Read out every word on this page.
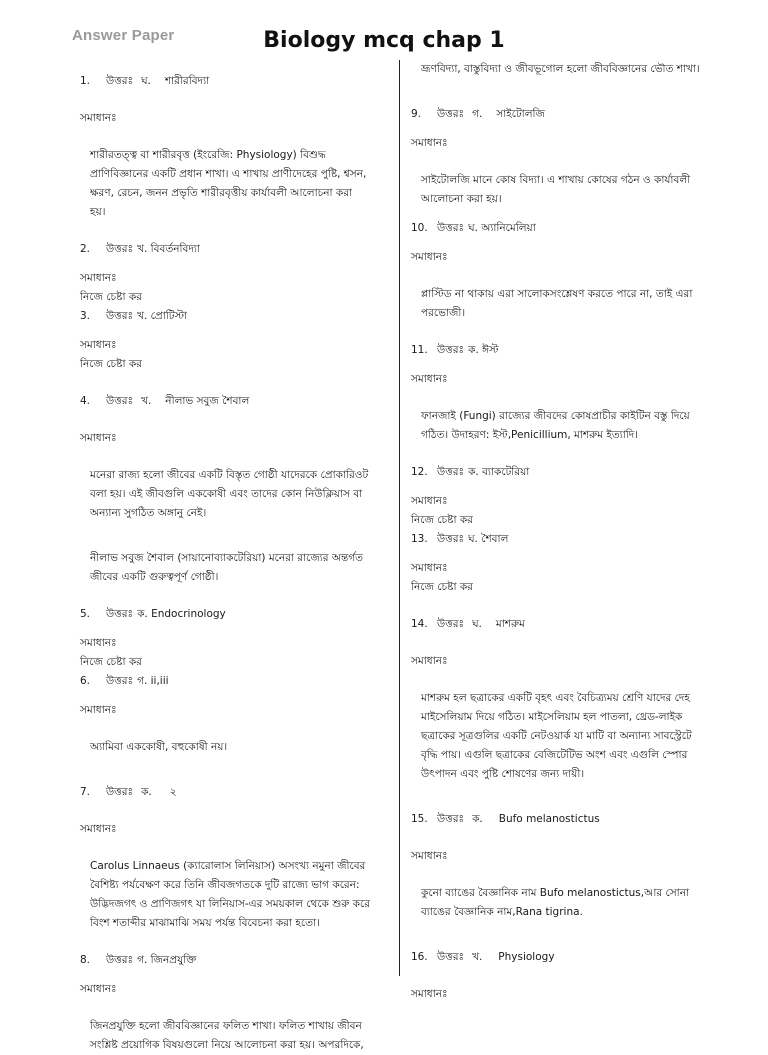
Answer Paper	Biology mcq chap 1
1.	উত্তরঃ ঘ. শারীরবিদ্যা
সমাধানঃ
শারীরতত্ত্ব বা শারীরবৃত্ত (ইংরেজি: Physiology) বিশুদ্ধ
প্রাণিবিজ্ঞানের একটি প্রধান শাখা। এ শাখায় প্রাণীদেহের পুষ্টি, শ্বসন,
ক্ষরণ, রেচন, জনন প্রভৃতি শারীরবৃত্তীয় কার্যাবলী আলোচনা করা
হয়।
2.	উত্তরঃ খ. বিবর্তনবিদ্যা
সমাধানঃ
নিজে চেষ্টা কর
3.	উত্তরঃ খ. প্রোটিস্টা
সমাধানঃ
নিজে চেষ্টা কর
4.	উত্তরঃ খ. নীলাভ সবুজ শৈবাল
সমাধানঃ
মনেরা রাজ্য হলো জীবের একটি বিস্তৃত গোষ্ঠী যাদেরকে প্রোকারিওট
বলা হয়। এই জীবগুলি এককোষী এবং তাদের কোন নিউক্লিয়াস বা
অন্যান্য সুগঠিত অঙ্গানু নেই।
নীলাভ সবুজ শৈবাল (সায়ানোব্যাকটেরিয়া) মনেরা রাজ্যের অন্তর্গত
জীবের একটি গুরুত্বপূর্ণ গোষ্ঠী।
5.	উত্তরঃ ক. Endocrinology
সমাধানঃ
নিজে চেষ্টা কর
6.	উত্তরঃ গ. ii,iii
সমাধানঃ
অ্যামিবা এককোষী, বহুকোষী নয়।
7.	উত্তরঃ ক. ২
সমাধানঃ
Carolus Linnaeus (ক্যারোলাস লিনিয়াস) অসংখ্য নমুনা জীবের
বৈশিষ্ট্য পর্যবেক্ষণ করে তিনি জীবজগতকে দুটি রাজ্যে ভাগ করেন:
উদ্ভিদজগৎ ও প্রাণিজগৎ যা লিনিয়াস-এর সময়কাল থেকে শুরু করে
বিংশ শতাব্দীর মাঝামাঝি সময় পর্যন্ত বিবেচনা করা হতো।
8.	উত্তরঃ গ. জিনপ্রযুক্তি
সমাধানঃ
জিনপ্রযুক্তি হলো জীববিজ্ঞানের ফলিত শাখা। ফলিত শাখায় জীবন
সংশ্লিষ্ট প্রয়োগিক বিষয়গুলো নিয়ে আলোচনা করা হয়। অপরদিকে,
ভ্রূণবিদ্যা, বাস্তুবিদ্যা ও জীবভূগোল হলো জীববিজ্ঞানের ভৌত শাখা।
9.	উত্তরঃ গ. সাইটোলজি
সমাধানঃ
সাইটোলজি মানে কোষ বিদ্যা। এ শাখায় কোষের গঠন ও কার্যাবলী
আলোচনা করা হয়।
10. উত্তরঃ ঘ. অ্যানিমেলিয়া
সমাধানঃ
প্লাস্টিড না থাকায় এরা সালোকসংশ্লেষণ করতে পারে না, তাই এরা
পরভোজী।
11. উত্তরঃ ক. ঈস্ট
সমাধানঃ
ফানজাই (Fungi) রাজ্যের জীবদের কোষপ্রাচীর কাইটিন বস্তু দিয়ে
গঠিত। উদাহরণ: ইস্ট,Penicillium, মাশরুম ইত্যাদি।
12. উত্তরঃ ক. ব্যাকটেরিয়া
সমাধানঃ
নিজে চেষ্টা কর
13. উত্তরঃ ঘ. শৈবাল
সমাধানঃ
নিজে চেষ্টা কর
14. উত্তরঃ ঘ. মাশরুম
সমাধানঃ
মাশরুম হল ছত্রাকের একটি বৃহৎ এবং বৈচিত্র্যময় শ্রেণি যাদের দেহ
মাইসেলিয়াম দিয়ে গঠিত। মাইসেলিয়াম হল পাতলা, থ্রেড-লাইক
ছত্রাকের সূত্রগুলির একটি নেটওয়ার্ক যা মাটি বা অন্যান্য সাবস্ট্রেটে
বৃদ্ধি পায়। এগুলি ছত্রাকের বেজিটেটিভ অংশ এবং এগুলি স্পোর
উৎপাদন এবং পুষ্টি শোষণের জন্য দায়ী।
15. উত্তরঃ ক. Bufo melanostictus
সমাধানঃ
কুনো ব্যাঙের বৈজ্ঞানিক নাম Bufo melanostictus,আর সোনা
ব্যাঙের বৈজ্ঞানিক নাম,Rana tigrina.
16. উত্তরঃ খ. Physiology
সমাধানঃ
